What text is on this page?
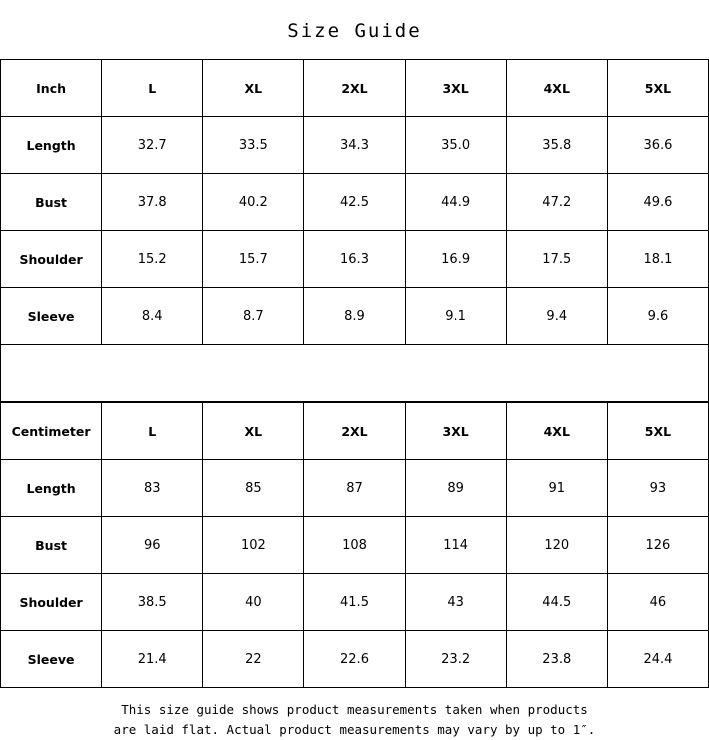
Size Guide
Inch	L	XL	2XL	3XL	4XL	5XL
Length	32.7	33.5	34.3	35.0	35.8	36.6
Bust	37.8	40.2	42.5	44.9	47.2	49.6
Shoulder	15.2	15.7	16.3	16.9	17.5	18.1
Sleeve	8.4	8.7	8.9	9.1	9.4	9.6

Centimeter	L	XL	2XL	3XL	4XL	5XL
Length	83	85	87	89	91	93
Bust	96	102	108	114	120	126
Shoulder	38.5	40	41.5	43	44.5	46
Sleeve	21.4	22	22.6	23.2	23.8	24.4
This size guide shows product measurements taken when products
are laid flat. Actual product measurements may vary by up to 1″.
